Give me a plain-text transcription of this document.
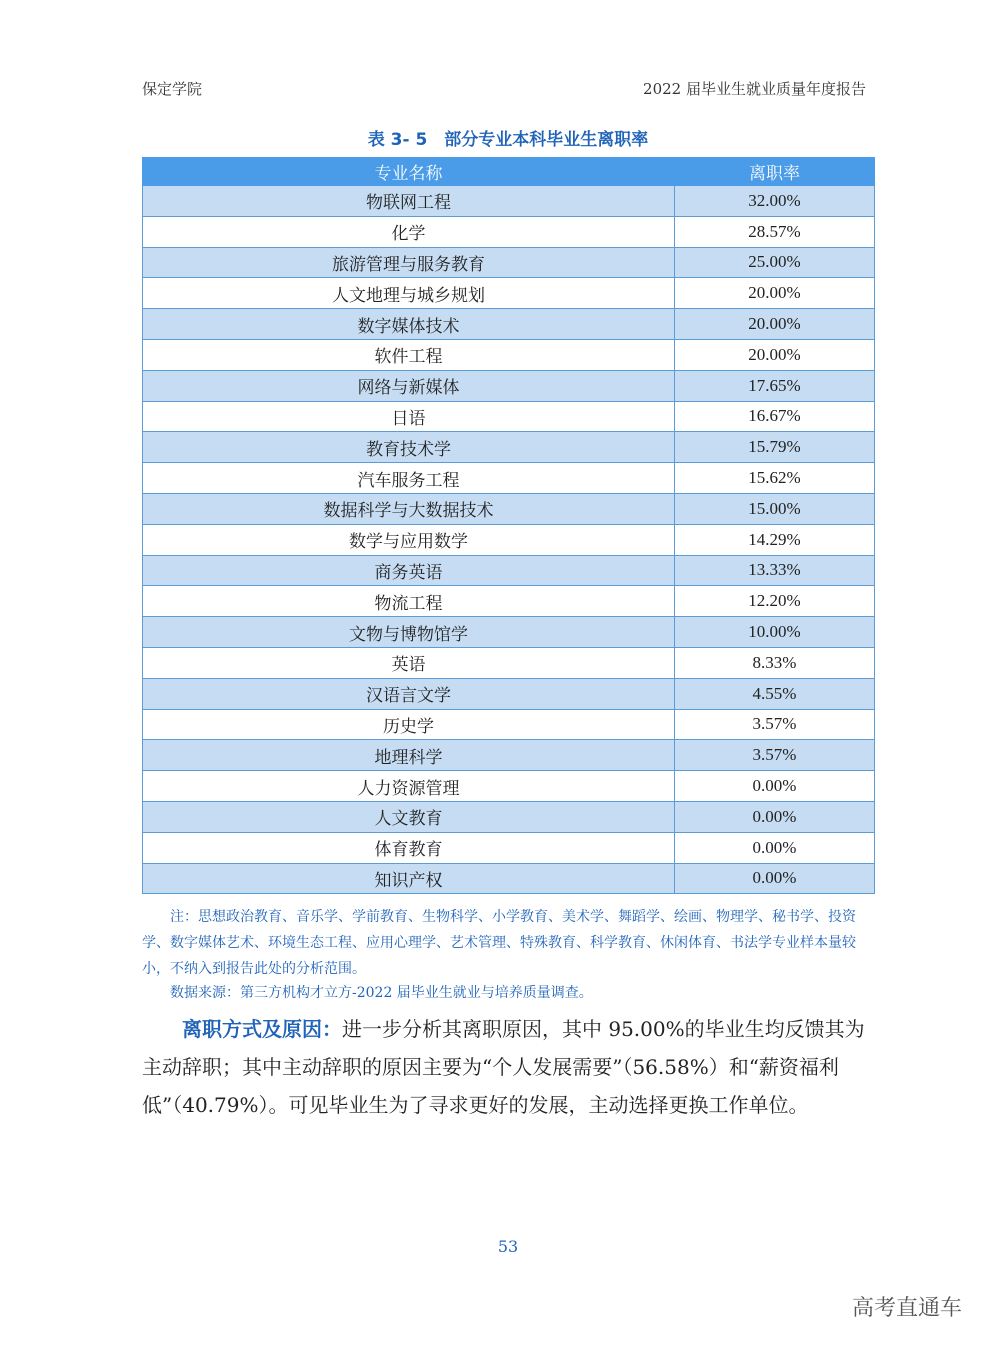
保定学院	2022 届毕业生就业质量年度报告
表 3- 5　部分专业本科毕业生离职率
专业名称	离职率
物联网工程	32.00%
化学	28.57%
旅游管理与服务教育	25.00%
人文地理与城乡规划	20.00%
数字媒体技术	20.00%
软件工程	20.00%
网络与新媒体	17.65%
日语	16.67%
教育技术学	15.79%
汽车服务工程	15.62%
数据科学与大数据技术	15.00%
数学与应用数学	14.29%
商务英语	13.33%
物流工程	12.20%
文物与博物馆学	10.00%
英语	8.33%
汉语言文学	4.55%
历史学	3.57%
地理科学	3.57%
人力资源管理	0.00%
人文教育	0.00%
体育教育	0.00%
知识产权	0.00%
注：思想政治教育、音乐学、学前教育、生物科学、小学教育、美术学、舞蹈学、绘画、物理学、秘书学、投资学、数字媒体艺术、环境生态工程、应用心理学、艺术管理、特殊教育、科学教育、休闲体育、书法学专业样本量较小，不纳入到报告此处的分析范围。
数据来源：第三方机构才立方-2022 届毕业生就业与培养质量调查。
离职方式及原因：进一步分析其离职原因，其中 95.00%的毕业生均反馈其为主动辞职；其中主动辞职的原因主要为“个人发展需要”（56.58%）和“薪资福利低”（40.79%）。可见毕业生为了寻求更好的发展，主动选择更换工作单位。
53
高考直通车
